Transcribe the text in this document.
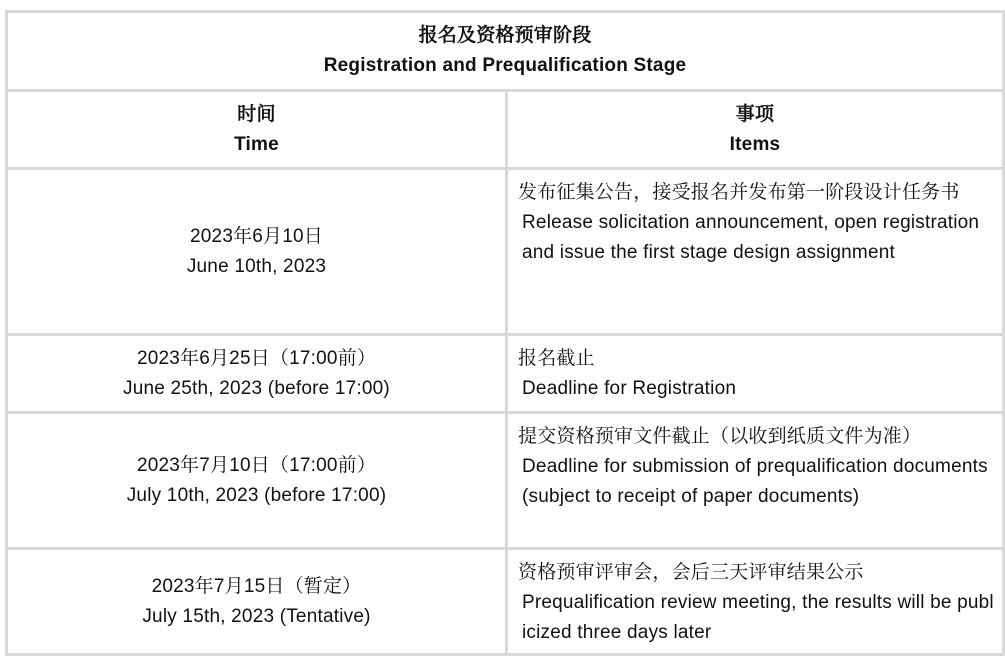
报名及资格预审阶段
Registration and Prequalification Stage
时间
Time
事项
Items
2023年6月10日
June 10th, 2023
发布征集公告，接受报名并发布第一阶段设计任务书
Release solicitation announcement, open registration and issue the first stage design assignment
2023年6月25日（17:00前）
June 25th, 2023 (before 17:00)
报名截止
Deadline for Registration
2023年7月10日（17:00前）
July 10th, 2023 (before 17:00)
提交资格预审文件截止（以收到纸质文件为准）
Deadline for submission of prequalification documents (subject to receipt of paper documents)
2023年7月15日（暂定）
July 15th, 2023 (Tentative)
资格预审评审会，会后三天评审结果公示
Prequalification review meeting, the results will be publicized three days later
